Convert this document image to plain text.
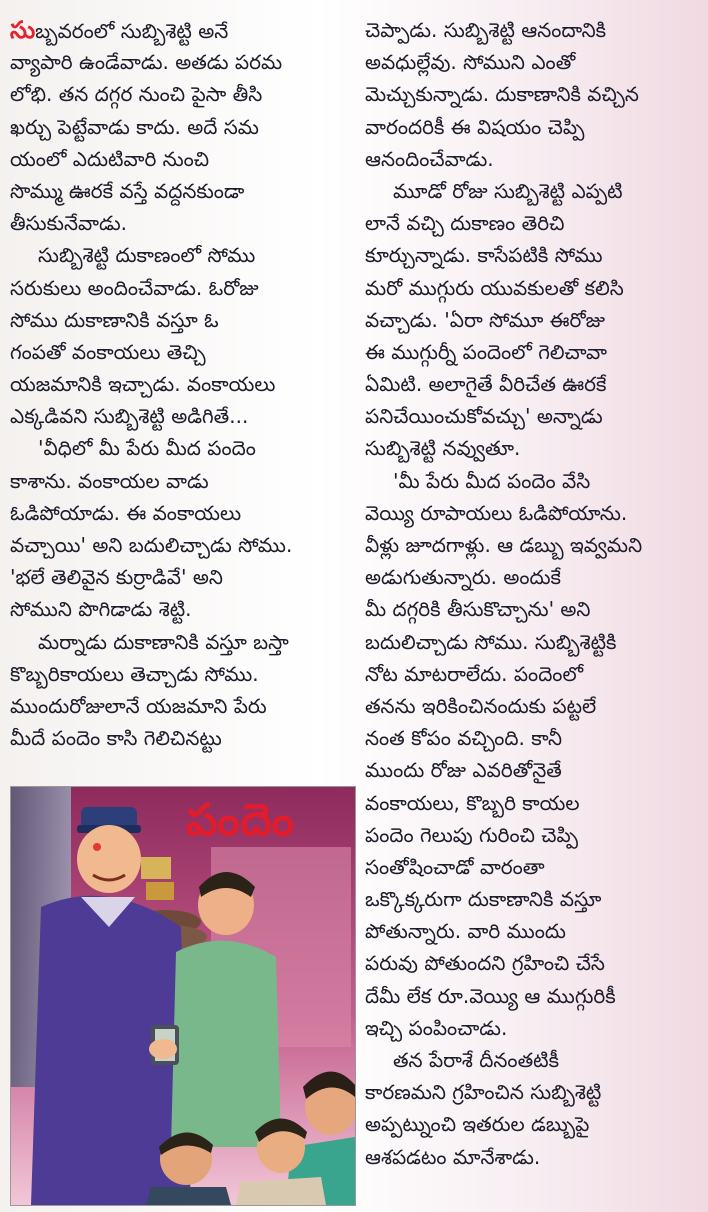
సుబ్బవరంలో సుబ్బిశెట్టి అనే
వ్యాపారి ఉండేవాడు. అతడు పరమ
లోభి. తన దగ్గర నుంచి పైసా తీసి
ఖర్చు పెట్టేవాడు కాదు. అదే సమ
యంలో ఎదుటివారి నుంచి
సొమ్ము ఊరకే వస్తే వద్దనకుండా
తీసుకునేవాడు.
సుబ్బిశెట్టి దుకాణంలో సోము
సరుకులు అందించేవాడు. ఓరోజు
సోము దుకాణానికి వస్తూ ఓ
గంపతో వంకాయలు తెచ్చి
యజమానికి ఇచ్చాడు. వంకాయలు
ఎక్కడివని సుబ్బిశెట్టి అడిగితే...
'వీధిలో మీ పేరు మీద పందెం
కాశాను. వంకాయల వాడు
ఓడిపోయాడు. ఈ వంకాయలు
వచ్చాయి' అని బదులిచ్చాడు సోము.
'భలే తెలివైన కుర్రాడివే' అని
సోముని పొగిడాడు శెట్టి.
మర్నాడు దుకాణానికి వస్తూ బస్తా
కొబ్బరికాయలు తెచ్చాడు సోము.
ముందురోజులానే యజమాని పేరు
మీదే పందెం కాసి గెలిచినట్టు
పందెం
చెప్పాడు. సుబ్బిశెట్టి ఆనందానికి
అవధుల్లేవు. సోముని ఎంతో
మెచ్చుకున్నాడు. దుకాణానికి వచ్చిన
వారందరికీ ఈ విషయం చెప్పి
ఆనందించేవాడు.
మూడో రోజు సుబ్బిశెట్టి ఎప్పటి
లానే వచ్చి దుకాణం తెరిచి
కూర్చున్నాడు. కాసేపటికి సోము
మరో ముగ్గురు యువకులతో కలిసి
వచ్చాడు. 'ఏరా సోమూ ఈరోజు
ఈ ముగ్గుర్నీ పందెంలో గెలిచావా
ఏమిటి. అలాగైతే వీరిచేత ఊరకే
పనిచేయించుకోవచ్చు' అన్నాడు
సుబ్బిశెట్టి నవ్వుతూ.
'మీ పేరు మీద పందెం వేసి
వెయ్యి రూపాయలు ఓడిపోయాను.
వీళ్లు జూదగాళ్లు. ఆ డబ్బు ఇవ్వమని
అడుగుతున్నారు. అందుకే
మీ దగ్గరికి తీసుకొచ్చాను' అని
బదులిచ్చాడు సోము. సుబ్బిశెట్టికి
నోట మాటరాలేదు. పందెంలో
తనను ఇరికించినందుకు పట్టలే
నంత కోపం వచ్చింది. కానీ
ముందు రోజు ఎవరితోనైతే
వంకాయలు, కొబ్బరి కాయల
పందెం గెలుపు గురించి చెప్పి
సంతోషించాడో వారంతా
ఒక్కొక్కరుగా దుకాణానికి వస్తూ
పోతున్నారు. వారి ముందు
పరువు పోతుందని గ్రహించి చేసే
దేమీ లేక రూ.వెయ్యి ఆ ముగ్గురికీ
ఇచ్చి పంపించాడు.
తన పేరాశే దీనంతటికీ
కారణమని గ్రహించిన సుబ్బిశెట్టి
అప్పట్నుంచి ఇతరుల డబ్బుపై
ఆశపడటం మానేశాడు.
